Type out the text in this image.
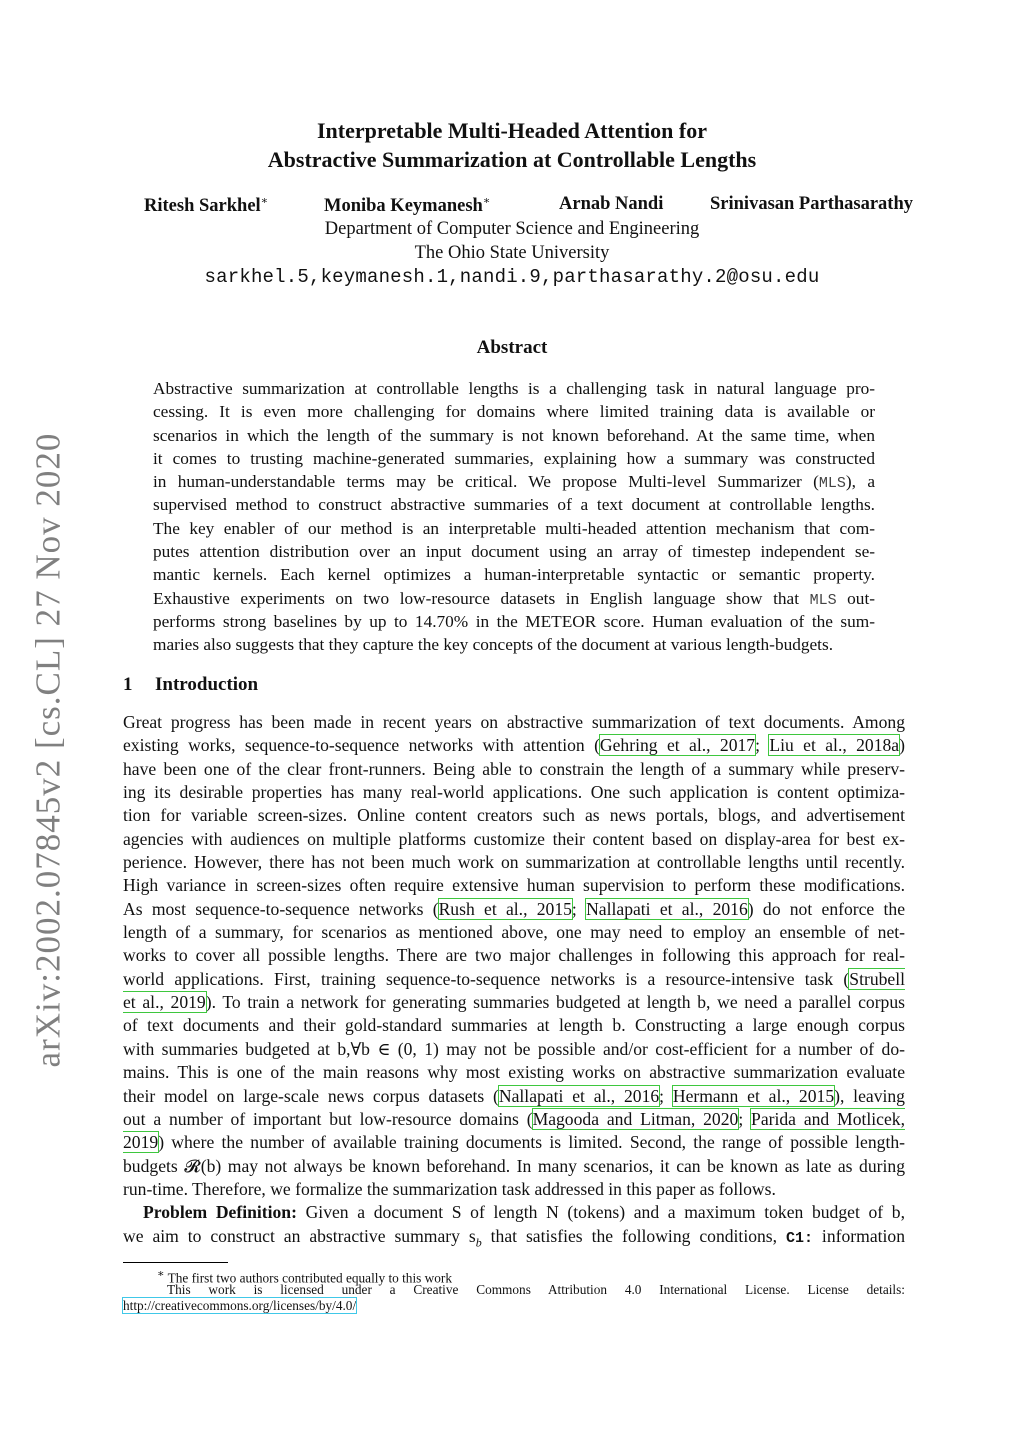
arXiv:2002.07845v2 [cs.CL] 27 Nov 2020
Interpretable Multi-Headed Attention for
Abstractive Summarization at Controllable Lengths
Ritesh Sarkhel∗	Moniba Keymanesh∗	Arnab Nandi	Srinivasan Parthasarathy
Department of Computer Science and Engineering
The Ohio State University
sarkhel.5,keymanesh.1,nandi.9,parthasarathy.2@osu.edu
Abstract
Abstractive summarization at controllable lengths is a challenging task in natural language pro-
cessing. It is even more challenging for domains where limited training data is available or
scenarios in which the length of the summary is not known beforehand. At the same time, when
it comes to trusting machine-generated summaries, explaining how a summary was constructed
in human-understandable terms may be critical. We propose Multi-level Summarizer (MLS), a
supervised method to construct abstractive summaries of a text document at controllable lengths.
The key enabler of our method is an interpretable multi-headed attention mechanism that com-
putes attention distribution over an input document using an array of timestep independent se-
mantic kernels. Each kernel optimizes a human-interpretable syntactic or semantic property.
Exhaustive experiments on two low-resource datasets in English language show that MLS out-
performs strong baselines by up to 14.70% in the METEOR score. Human evaluation of the sum-
maries also suggests that they capture the key concepts of the document at various length-budgets.
1 Introduction
Great progress has been made in recent years on abstractive summarization of text documents. Among
existing works, sequence-to-sequence networks with attention (Gehring et al., 2017; Liu et al., 2018a)
have been one of the clear front-runners. Being able to constrain the length of a summary while preserv-
ing its desirable properties has many real-world applications. One such application is content optimiza-
tion for variable screen-sizes. Online content creators such as news portals, blogs, and advertisement
agencies with audiences on multiple platforms customize their content based on display-area for best ex-
perience. However, there has not been much work on summarization at controllable lengths until recently.
High variance in screen-sizes often require extensive human supervision to perform these modifications.
As most sequence-to-sequence networks (Rush et al., 2015; Nallapati et al., 2016) do not enforce the
length of a summary, for scenarios as mentioned above, one may need to employ an ensemble of net-
works to cover all possible lengths. There are two major challenges in following this approach for real-
world applications. First, training sequence-to-sequence networks is a resource-intensive task (Strubell
et al., 2019). To train a network for generating summaries budgeted at length b, we need a parallel corpus
of text documents and their gold-standard summaries at length b. Constructing a large enough corpus
with summaries budgeted at b,∀b ∈ (0, 1) may not be possible and/or cost-efficient for a number of do-
mains. This is one of the main reasons why most existing works on abstractive summarization evaluate
their model on large-scale news corpus datasets (Nallapati et al., 2016; Hermann et al., 2015), leaving
out a number of important but low-resource domains (Magooda and Litman, 2020; Parida and Motlicek,
2019) where the number of available training documents is limited. Second, the range of possible length-
budgets 𝓡(b) may not always be known beforehand. In many scenarios, it can be known as late as during
run-time. Therefore, we formalize the summarization task addressed in this paper as follows.
Problem Definition: Given a document S of length N (tokens) and a maximum token budget of b,
we aim to construct an abstractive summary $s_b$ that satisfies the following conditions, C1: information
∗ The first two authors contributed equally to this work
This work is licensed under a Creative Commons Attribution 4.0 International License. License details:
http://creativecommons.org/licenses/by/4.0/
